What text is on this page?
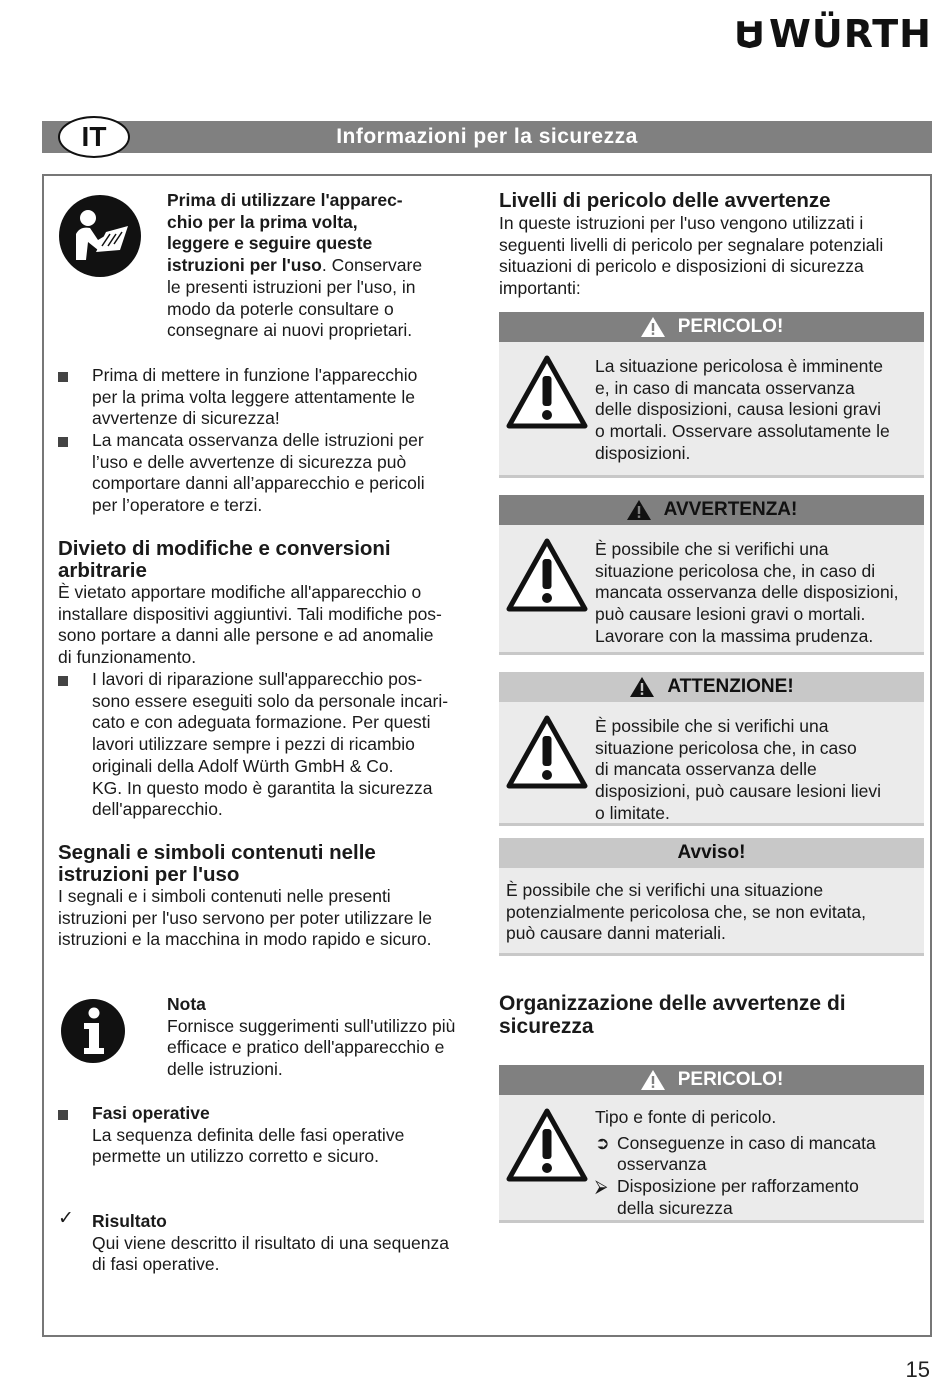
WÜRTH
Informazioni per la sicurezza
IT
Prima di utilizzare l'apparec-
chio per la prima volta,
leggere e seguire queste
istruzioni per l'uso. Conservare
le presenti istruzioni per l'uso, in
modo da poterle consultare o
consegnare ai nuovi proprietari.
Prima di mettere in funzione l'apparecchio
per la prima volta leggere attentamente le
avvertenze di sicurezza!
La mancata osservanza delle istruzioni per
l’uso e delle avvertenze di sicurezza può
comportare danni all’apparecchio e pericoli
per l’operatore e terzi.
Divieto di modifiche e conversioni
arbitrarie
È vietato apportare modifiche all'apparecchio o
installare dispositivi aggiuntivi. Tali modifiche pos-
sono portare a danni alle persone e ad anomalie
di funzionamento.
I lavori di riparazione sull'apparecchio pos-
sono essere eseguiti solo da personale incari-
cato e con adeguata formazione. Per questi
lavori utilizzare sempre i pezzi di ricambio
originali della Adolf Würth GmbH & Co.
KG. In questo modo è garantita la sicurezza
dell'apparecchio.
Segnali e simboli contenuti nelle
istruzioni per l'uso
I segnali e i simboli contenuti nelle presenti
istruzioni per l'uso servono per poter utilizzare le
istruzioni e la macchina in modo rapido e sicuro.
Nota
Fornisce suggerimenti sull'utilizzo più
efficace e pratico dell'apparecchio e
delle istruzioni.
Fasi operative
La sequenza definita delle fasi operative
permette un utilizzo corretto e sicuro.
✓ Risultato
Qui viene descritto il risultato di una sequenza
di fasi operative.
Livelli di pericolo delle avvertenze
In queste istruzioni per l'uso vengono utilizzati i
seguenti livelli di pericolo per segnalare potenziali
situazioni di pericolo e disposizioni di sicurezza
importanti:
PERICOLO!
La situazione pericolosa è imminente
e, in caso di mancata osservanza
delle disposizioni, causa lesioni gravi
o mortali. Osservare assolutamente le
disposizioni.
AVVERTENZA!
È possibile che si verifichi una
situazione pericolosa che, in caso di
mancata osservanza delle disposizioni,
può causare lesioni gravi o mortali.
Lavorare con la massima prudenza.
ATTENZIONE!
È possibile che si verifichi una
situazione pericolosa che, in caso
di mancata osservanza delle
disposizioni, può causare lesioni lievi
o limitate.
Avviso!
È possibile che si verifichi una situazione
potenzialmente pericolosa che, se non evitata,
può causare danni materiali.
Organizzazione delle avvertenze di
sicurezza
PERICOLO!
Tipo e fonte di pericolo.
➲ Conseguenze in caso di mancata
osservanza
⮚ Disposizione per rafforzamento
della sicurezza
15
